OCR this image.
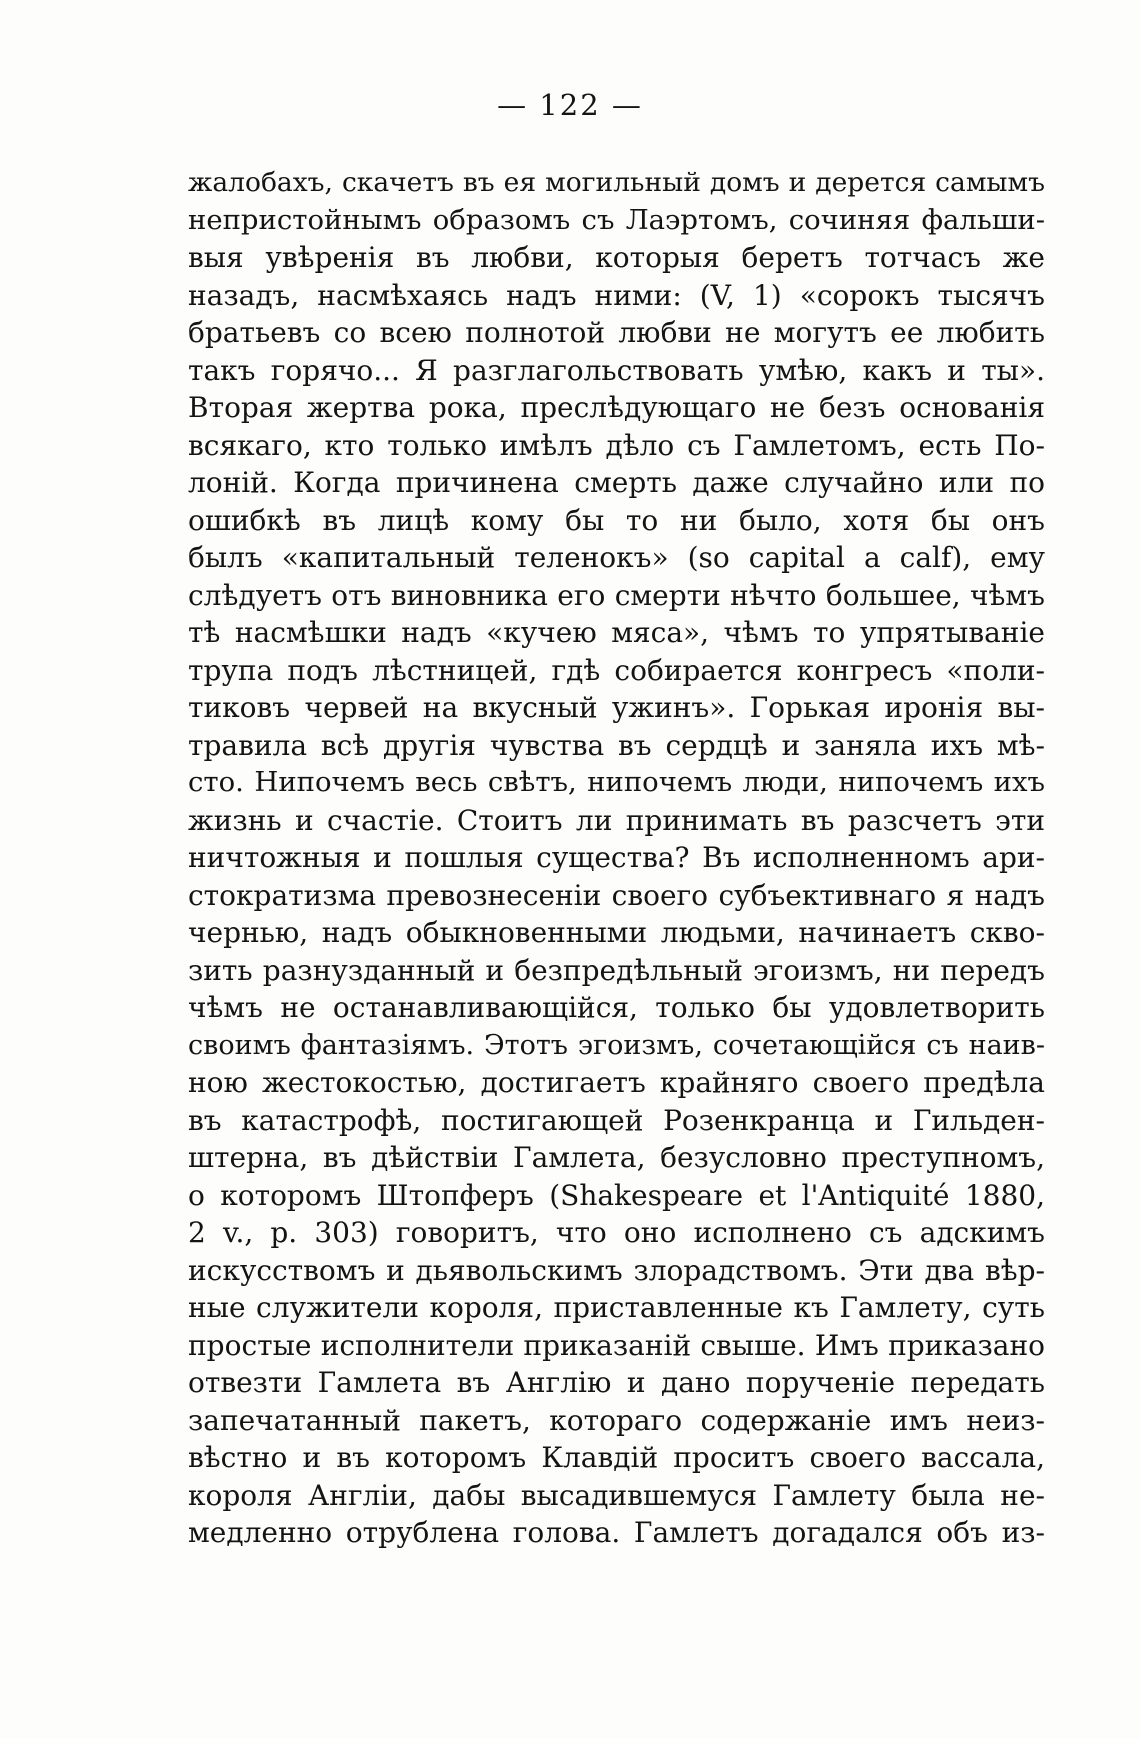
— 122 —
жалобахъ, скачетъ въ ея могильный домъ и дерется самымъ
непристойнымъ образомъ съ Лаэртомъ, сочиняя фальши-
выя увѣренія въ любви, которыя беретъ тотчасъ же
назадъ, насмѣхаясь надъ ними: (V, 1) «сорокъ тысячъ
братьевъ со всею полнотой любви не могутъ ее любить
такъ горячо... Я разглагольствовать умѣю, какъ и ты».
Вторая жертва рока, преслѣдующаго не безъ основанія
всякаго, кто только имѣлъ дѣло съ Гамлетомъ, есть По-
лоній. Когда причинена смерть даже случайно или по
ошибкѣ въ лицѣ кому бы то ни было, хотя бы онъ
былъ «капитальный теленокъ» (so capital a calf), ему
слѣдуетъ отъ виновника его смерти нѣчто большее, чѣмъ
тѣ насмѣшки надъ «кучею мяса», чѣмъ то упрятываніе
трупа подъ лѣстницей, гдѣ собирается конгресъ «поли-
тиковъ червей на вкусный ужинъ». Горькая иронія вы-
травила всѣ другія чувства въ сердцѣ и заняла ихъ мѣ-
сто. Нипочемъ весь свѣтъ, нипочемъ люди, нипочемъ ихъ
жизнь и счастіе. Стоитъ ли принимать въ разсчетъ эти
ничтожныя и пошлыя существа? Въ исполненномъ ари-
стократизма превознесеніи своего субъективнаго я надъ
чернью, надъ обыкновенными людьми, начинаетъ скво-
зить разнузданный и безпредѣльный эгоизмъ, ни передъ
чѣмъ не останавливающійся, только бы удовлетворить
своимъ фантазіямъ. Этотъ эгоизмъ, сочетающійся съ наив-
ною жестокостью, достигаетъ крайняго своего предѣла
въ катастрофѣ, постигающей Розенкранца и Гильден-
штерна, въ дѣйствіи Гамлета, безусловно преступномъ,
о которомъ Штопферъ (Shakespeare et l'Antiquité 1880,
2 v., p. 303) говоритъ, что оно исполнено съ адскимъ
искусствомъ и дьявольскимъ злорадствомъ. Эти два вѣр-
ные служители короля, приставленные къ Гамлету, суть
простые исполнители приказаній свыше. Имъ приказано
отвезти Гамлета въ Англію и дано порученіе передать
запечатанный пакетъ, котораго содержаніе имъ неиз-
вѣстно и въ которомъ Клавдій проситъ своего вассала,
короля Англіи, дабы высадившемуся Гамлету была не-
медленно отрублена голова. Гамлетъ догадался объ из-
